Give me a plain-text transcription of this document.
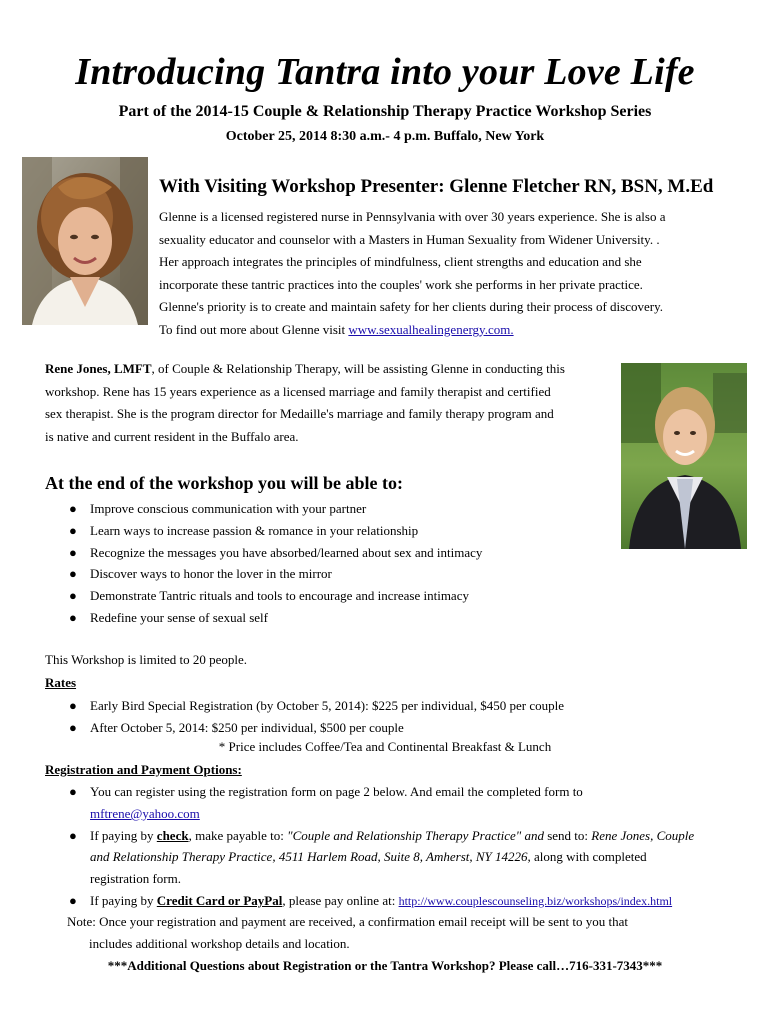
Introducing Tantra into your Love Life
Part of the 2014-15 Couple & Relationship Therapy Practice Workshop Series
October 25, 2014 8:30 a.m.- 4 p.m. Buffalo, New York
With Visiting Workshop Presenter: Glenne Fletcher RN, BSN, M.Ed
Glenne is a licensed registered nurse in Pennsylvania with over 30 years experience. She is also a
sexuality educator and counselor with a Masters in Human Sexuality from Widener University. .
Her approach integrates the principles of mindfulness, client strengths and education and she
incorporate these tantric practices into the couples' work she performs in her private practice.
Glenne's priority is to create and maintain safety for her clients during their process of discovery.
To find out more about Glenne visit www.sexualhealingenergy.com.
Rene Jones, LMFT, of Couple & Relationship Therapy, will be assisting Glenne in conducting this
workshop. Rene has 15 years experience as a licensed marriage and family therapist and certified
sex therapist. She is the program director for Medaille's marriage and family therapy program and
is native and current resident in the Buffalo area.
At the end of the workshop you will be able to:
● Improve conscious communication with your partner
● Learn ways to increase passion & romance in your relationship
● Recognize the messages you have absorbed/learned about sex and intimacy
● Discover ways to honor the lover in the mirror
● Demonstrate Tantric rituals and tools to encourage and increase intimacy
● Redefine your sense of sexual self
This Workshop is limited to 20 people.
Rates
● Early Bird Special Registration (by October 5, 2014): $225 per individual, $450 per couple
● After October 5, 2014: $250 per individual, $500 per couple
* Price includes Coffee/Tea and Continental Breakfast & Lunch
Registration and Payment Options:
● You can register using the registration form on page 2 below. And email the completed form to
mftrene@yahoo.com
● If paying by check, make payable to: "Couple and Relationship Therapy Practice" and send to: Rene Jones, Couple
and Relationship Therapy Practice, 4511 Harlem Road, Suite 8, Amherst, NY 14226, along with completed
registration form.
● If paying by Credit Card or PayPal, please pay online at: http://www.couplescounseling.biz/workshops/index.html
Note: Once your registration and payment are received, a confirmation email receipt will be sent to you that
includes additional workshop details and location.
***Additional Questions about Registration or the Tantra Workshop? Please call…716-331-7343***
